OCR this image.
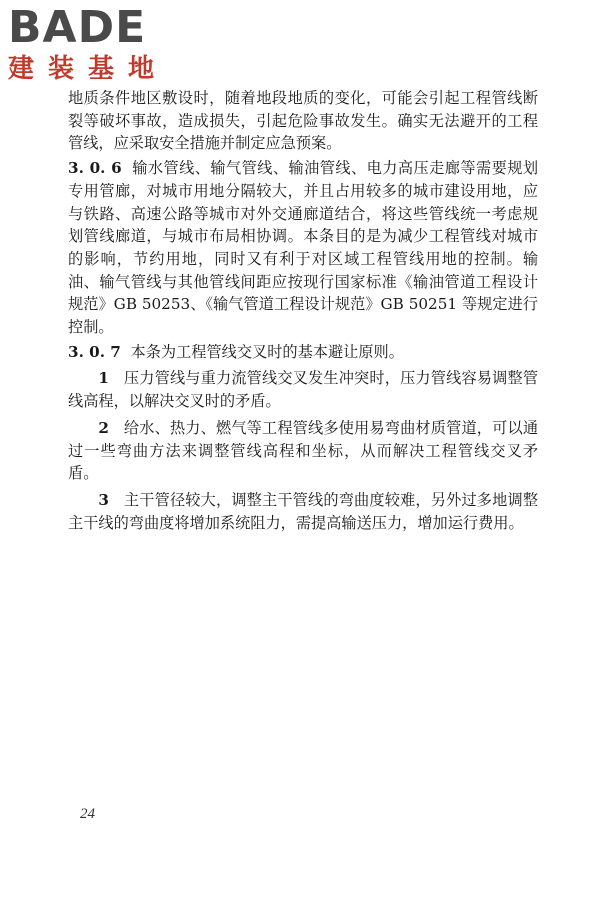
BADE
建装基地

地质条件地区敷设时，随着地段地质的变化，可能会引起工程管线断裂等破坏事故，造成损失，引起危险事故发生。确实无法避开的工程管线，应采取安全措施并制定应急预案。

3. 0. 6 输水管线、输气管线、输油管线、电力高压走廊等需要规划专用管廊，对城市用地分隔较大，并且占用较多的城市建设用地，应与铁路、高速公路等城市对外交通廊道结合，将这些管线统一考虑规划管线廊道，与城市布局相协调。本条目的是为减少工程管线对城市的影响，节约用地，同时又有利于对区域工程管线用地的控制。输油、输气管线与其他管线间距应按现行国家标准《输油管道工程设计规范》GB 50253、《输气管道工程设计规范》GB 50251 等规定进行控制。

3. 0. 7 本条为工程管线交叉时的基本避让原则。

1 压力管线与重力流管线交叉发生冲突时，压力管线容易调整管线高程，以解决交叉时的矛盾。

2 给水、热力、燃气等工程管线多使用易弯曲材质管道，可以通过一些弯曲方法来调整管线高程和坐标，从而解决工程管线交叉矛盾。

3 主干管径较大，调整主干管线的弯曲度较难，另外过多地调整主干线的弯曲度将增加系统阻力，需提高输送压力，增加运行费用。

24
